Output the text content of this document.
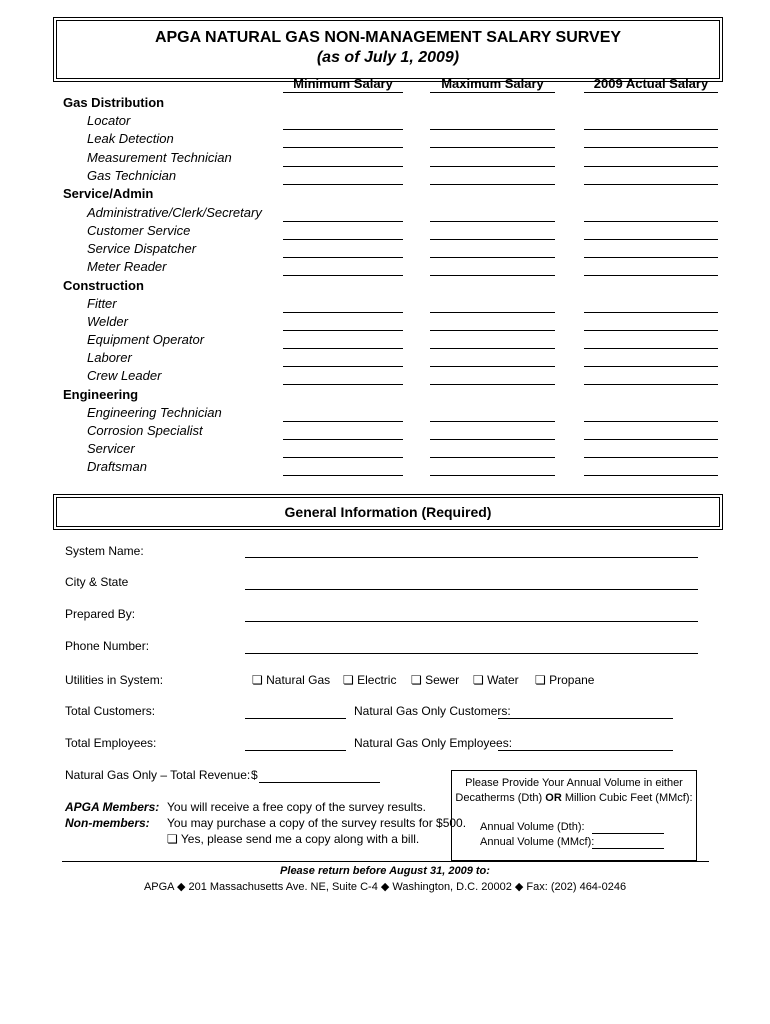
APGA NATURAL GAS NON-MANAGEMENT SALARY SURVEY
(as of July 1, 2009)
Minimum Salary	Maximum Salary	2009 Actual Salary
Gas Distribution
Locator
Leak Detection
Measurement Technician
Gas Technician
Service/Admin
Administrative/Clerk/Secretary
Customer Service
Service Dispatcher
Meter Reader
Construction
Fitter
Welder
Equipment Operator
Laborer
Crew Leader
Engineering
Engineering Technician
Corrosion Specialist
Servicer
Draftsman
General Information (Required)
System Name:
City & State
Prepared By:
Phone Number:
Utilities in System:	❏ Natural Gas ❏ Electric ❏ Sewer ❏ Water ❏ Propane
Total Customers:	Natural Gas Only Customers:
Total Employees:	Natural Gas Only Employees:
Natural Gas Only – Total Revenue: $
APGA Members: You will receive a free copy of the survey results.
Non-members: You may purchase a copy of the survey results for $500.
❏ Yes, please send me a copy along with a bill.
Please Provide Your Annual Volume in either
Decatherms (Dth) OR Million Cubic Feet (MMcf):
Annual Volume (Dth):
Annual Volume (MMcf):
Please return before August 31, 2009 to:
APGA ◆ 201 Massachusetts Ave. NE, Suite C-4 ◆ Washington, D.C. 20002 ◆ Fax: (202) 464-0246
